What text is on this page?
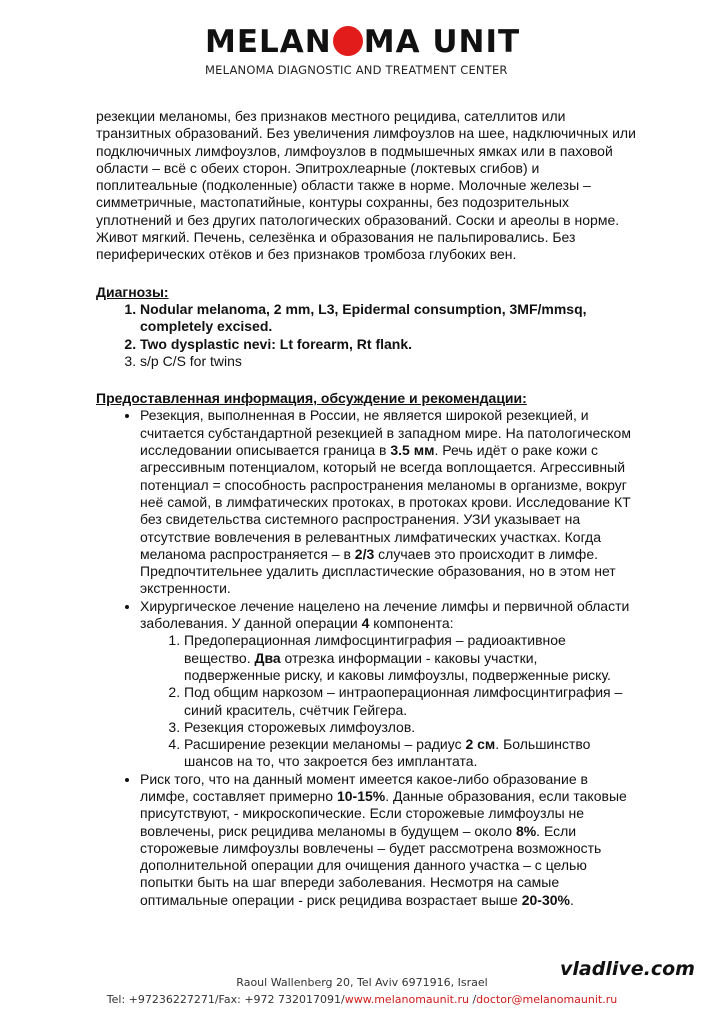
MELAN MA UNIT
MELANOMA DIAGNOSTIC AND TREATMENT CENTER

резекции меланомы, без признаков местного рецидива, сателлитов или транзитных образований. Без увеличения лимфоузлов на шее, надключичных или подключичных лимфоузлов, лимфоузлов в подмышечных ямках или в паховой области – всё с обеих сторон. Эпитрохлеарные (локтевых сгибов) и поплитеальные (подколенные) области также в норме. Молочные железы – симметричные, мастопатийные, контуры сохранны, без подозрительных уплотнений и без других патологических образований. Соски и ареолы в норме. Живот мягкий. Печень, селезёнка и образования не пальпировались. Без периферических отёков и без признаков тромбоза глубоких вен.

Диагнозы:
1. Nodular melanoma, 2 mm, L3, Epidermal consumption, 3MF/mmsq, completely excised.
2. Two dysplastic nevi: Lt forearm, Rt flank.
3. s/p C/S for twins
Предоставленная информация, обсуждение и рекомендации:
• Резекция, выполненная в России, не является широкой резекцией, и считается субстандартной резекцией в западном мире. На патологическом исследовании описывается граница в 3.5 мм. Речь идёт о раке кожи с агрессивным потенциалом, который не всегда воплощается. Агрессивный потенциал = способность распространения меланомы в организме, вокруг неё самой, в лимфатических протоках, в протоках крови. Исследование КТ без свидетельства системного распространения. УЗИ указывает на отсутствие вовлечения в релевантных лимфатических участках. Когда меланома распространяется – в 2/3 случаев это происходит в лимфе. Предпочтительнее удалить диспластические образования, но в этом нет экстренности.
• Хирургическое лечение нацелено на лечение лимфы и первичной области заболевания. У данной операции 4 компонента:
1. Предоперационная лимфосцинтиграфия – радиоактивное вещество. Два отрезка информации - каковы участки, подверженные риску, и каковы лимфоузлы, подверженные риску.
2. Под общим наркозом – интраоперационная лимфосцинтиграфия – синий краситель, счётчик Гейгера.
3. Резекция сторожевых лимфоузлов.
4. Расширение резекции меланомы – радиус 2 см. Большинство шансов на то, что закроется без имплантата.
• Риск того, что на данный момент имеется какое-либо образование в лимфе, составляет примерно 10-15%. Данные образования, если таковые присутствуют, - микроскопические. Если сторожевые лимфоузлы не вовлечены, риск рецидива меланомы в будущем – около 8%. Если сторожевые лимфоузлы вовлечены – будет рассмотрена возможность дополнительной операции для очищения данного участка – с целью попытки быть на шаг впереди заболевания. Несмотря на самые оптимальные операции - риск рецидива возрастает выше 20-30%.
vladlive.com
Raoul Wallenberg 20, Tel Aviv 6971916, Israel
Tel: +97236227271/Fax: +972 732017091/www.melanomaunit.ru /doctor@melanomaunit.ru
